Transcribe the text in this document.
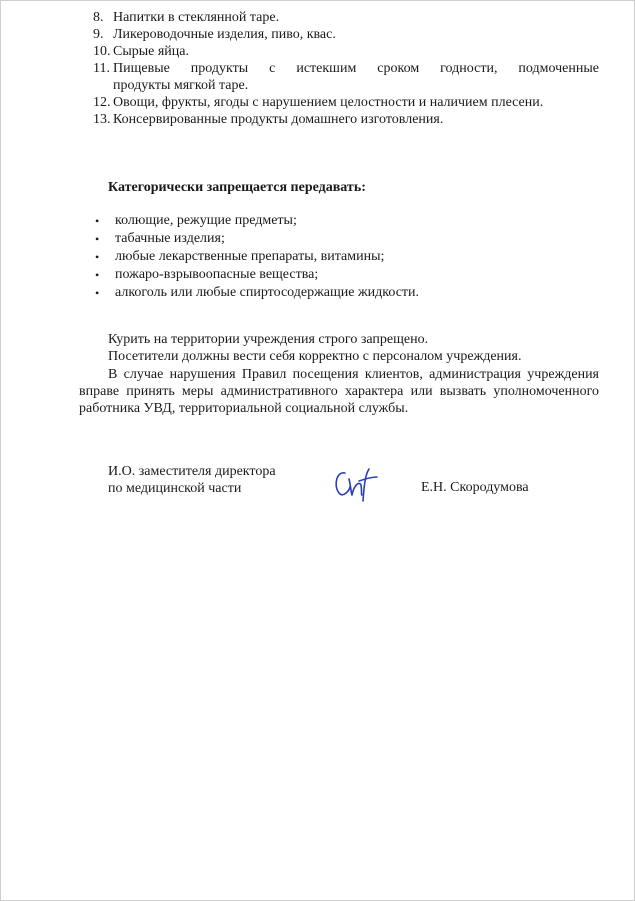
8. Напитки в стеклянной таре.
9. Ликероводочные изделия, пиво, квас.
10. Сырые яйца.
11. Пищевые продукты с истекшим сроком годности, подмоченные
продукты мягкой таре.
12. Овощи, фрукты, ягоды с нарушением целостности и наличием плесени.
13. Консервированные продукты домашнего изготовления.

Категорически запрещается передавать:

•	колющие, режущие предметы;
•	табачные изделия;
•	любые лекарственные препараты, витамины;
•	пожаро-взрывоопасные вещества;
•	алкоголь или любые спиртосодержащие жидкости.

Курить на территории учреждения строго запрещено.

Посетители должны вести себя корректно с персоналом учреждения.

В случае нарушения Правил посещения клиентов, администрация учреждения вправе принять меры административного характера или вызвать уполномоченного работника УВД, территориальной социальной службы.

И.О. заместителя директора
по медицинской части	Е.Н. Скородумова
